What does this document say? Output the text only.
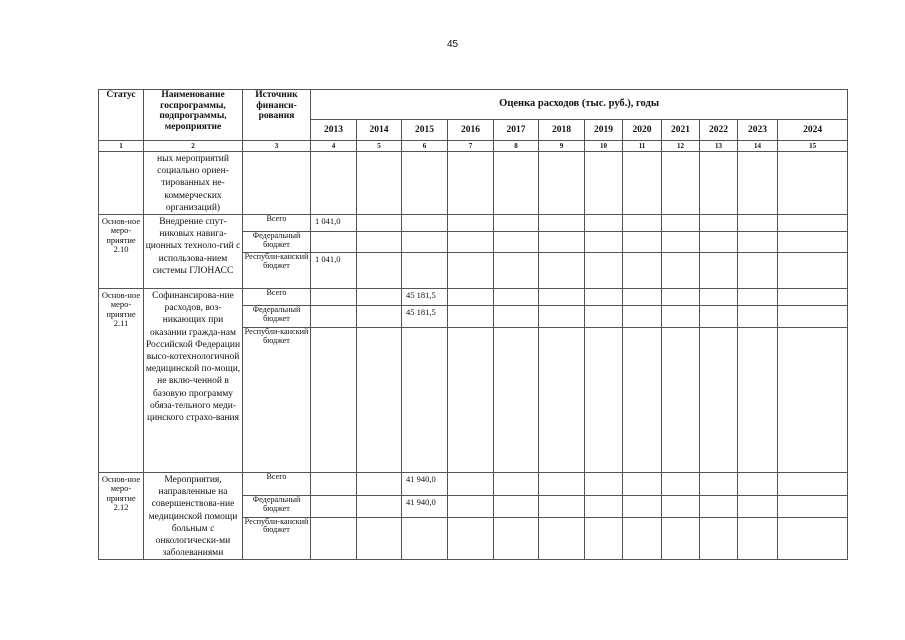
45
Статус	Наименование госпрограммы, подпрограммы, мероприятие	Источник финанси-рования	Оценка расходов (тыс. руб.), годы											
			2013	2014	2015	2016	2017	2018	2019	2020	2021	2022	2023	2024
1	2	3	4	5	6	7	8	9	10	11	12	13	14	15
	ных мероприятий социально ориен-тированных не-коммерческих организаций)													
Основ-ное меро-приятие 2.10	Внедрение спут-никовых навига-ционных техноло-гий с использова-нием системы ГЛОНАСС	Всего	1 041,0											
		Федеральный бюджет												
		Республи-канский бюджет	1 041,0											
Основ-ное меро-приятие 2.11	Софинансирова-ние расходов, воз-никающих при оказании гражда-нам Российской Федерации высо-котехнологичной медицинской по-мощи, не вклю-ченной в базовую программу обяза-тельного меди-цинского страхо-вания	Всего			45 181,5									
		Федеральный бюджет			45 181,5									
		Республи-канский бюджет												
Основ-ное меро-приятие 2.12	Мероприятия, направленные на совершенствова-ние медицинской помощи больным с онкологически-ми заболеваниями	Всего			41 940,0									
		Федеральный бюджет			41 940,0									
		Республи-канский бюджет												
